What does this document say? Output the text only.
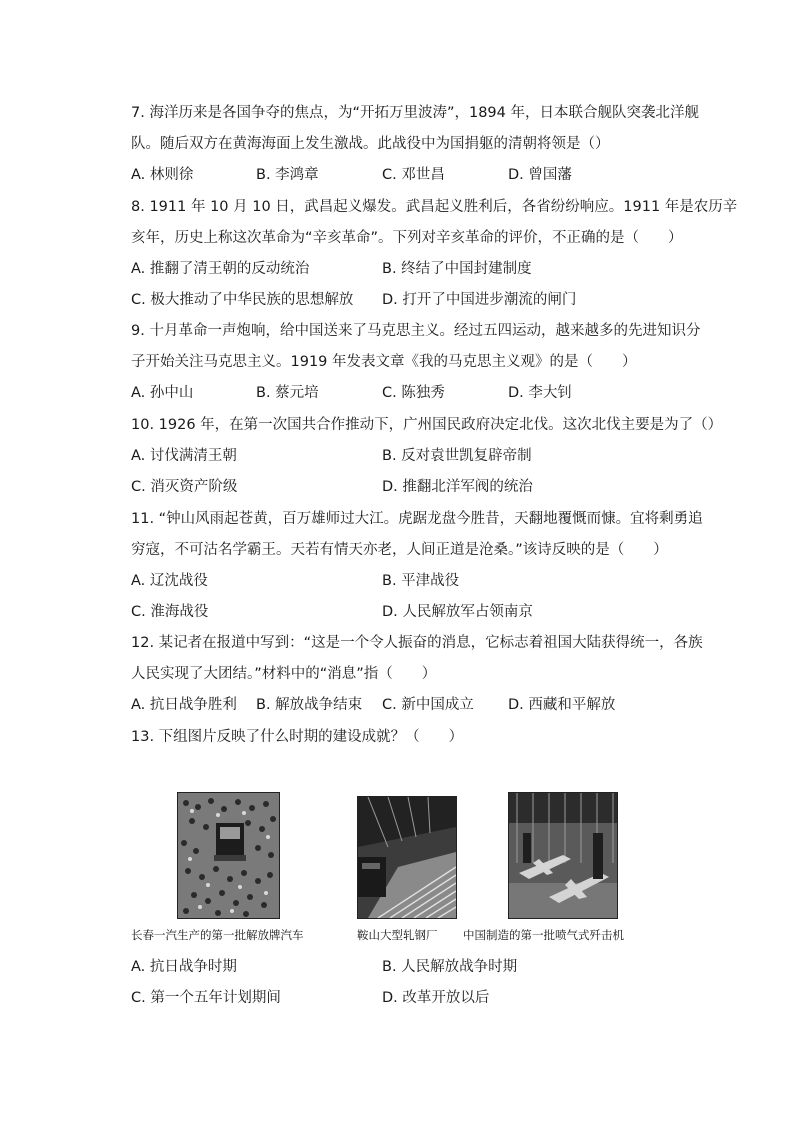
7. 海洋历来是各国争夺的焦点，为“开拓万里波涛”，1894 年，日本联合舰队突袭北洋舰
队。随后双方在黄海海面上发生激战。此战役中为国捐躯的清朝将领是（）
A. 林则徐	B. 李鸿章	C. 邓世昌	D. 曾国藩
8. 1911 年 10 月 10 日，武昌起义爆发。武昌起义胜利后，各省纷纷响应。1911 年是农历辛
亥年，历史上称这次革命为“辛亥革命”。下列对辛亥革命的评价，不正确的是（　　）
A. 推翻了清王朝的反动统治	B. 终结了中国封建制度
C. 极大推动了中华民族的思想解放 D. 打开了中国进步潮流的闸门
9. 十月革命一声炮响，给中国送来了马克思主义。经过五四运动，越来越多的先进知识分
子开始关注马克思主义。1919 年发表文章《我的马克思主义观》的是（　　）
A. 孙中山	B. 蔡元培	C. 陈独秀	D. 李大钊
10. 1926 年，在第一次国共合作推动下，广州国民政府决定北伐。这次北伐主要是为了（）
A. 讨伐满清王朝	B. 反对袁世凯复辟帝制
C. 消灭资产阶级	D. 推翻北洋军阀的统治
11. “钟山风雨起苍黄，百万雄师过大江。虎踞龙盘今胜昔，天翻地覆慨而慷。宜将剩勇追
穷寇，不可沽名学霸王。天若有情天亦老，人间正道是沧桑。”该诗反映的是（　　）
A. 辽沈战役	B. 平津战役
C. 淮海战役	D. 人民解放军占领南京
12. 某记者在报道中写到：“这是一个令人振奋的消息，它标志着祖国大陆获得统一，各族
人民实现了大团结。”材料中的“消息”指（　　）
A. 抗日战争胜利 B. 解放战争结束 C. 新中国成立 D. 西藏和平解放
13. 下组图片反映了什么时期的建设成就？（　　）
长春一汽生产的第一批解放牌汽车	鞍山大型轧钢厂 中国制造的第一批喷气式歼击机
A. 抗日战争时期	B. 人民解放战争时期
C. 第一个五年计划期间	D. 改革开放以后
